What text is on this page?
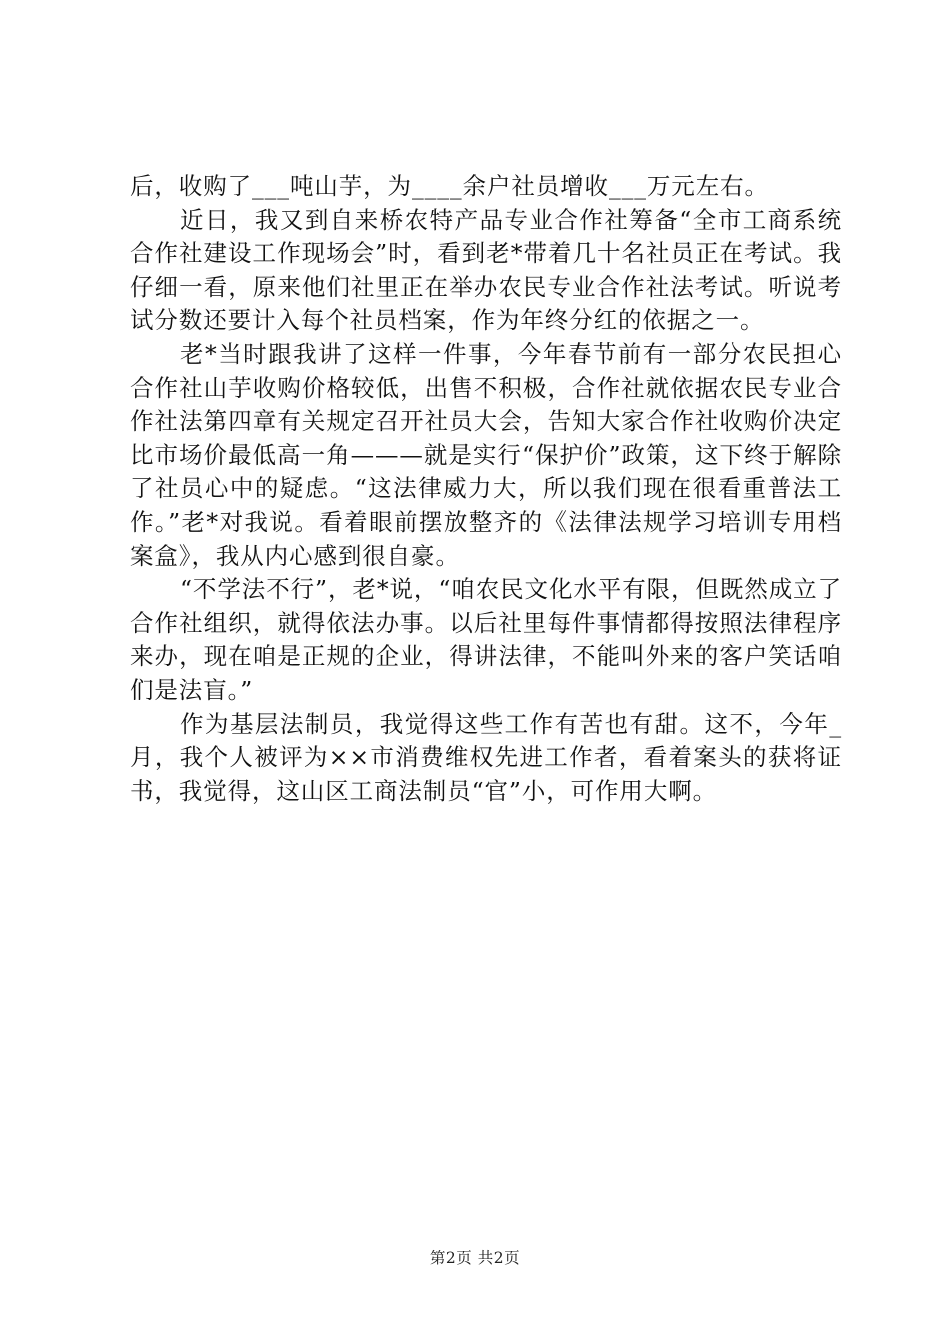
后，收购了___吨山芋，为____余户社员增收___万元左右。

近日，我又到自来桥农特产品专业合作社筹备“全市工商系统合作社建设工作现场会”时，看到老*带着几十名社员正在考试。我仔细一看，原来他们社里正在举办农民专业合作社法考试。听说考试分数还要计入每个社员档案，作为年终分红的依据之一。

老*当时跟我讲了这样一件事，今年春节前有一部分农民担心合作社山芋收购价格较低，出售不积极，合作社就依据农民专业合作社法第四章有关规定召开社员大会，告知大家合作社收购价决定比市场价最低高一角———就是实行“保护价”政策，这下终于解除了社员心中的疑虑。“这法律威力大，所以我们现在很看重普法工作。”老*对我说。看着眼前摆放整齐的《法律法规学习培训专用档案盒》，我从内心感到很自豪。

“不学法不行”，老*说，“咱农民文化水平有限，但既然成立了合作社组织，就得依法办事。以后社里每件事情都得按照法律程序来办，现在咱是正规的企业，得讲法律，不能叫外来的客户笑话咱们是法盲。”

作为基层法制员，我觉得这些工作有苦也有甜。这不，今年_月，我个人被评为××市消费维权先进工作者，看着案头的获将证书，我觉得，这山区工商法制员“官”小，可作用大啊。

第2页 共2页
